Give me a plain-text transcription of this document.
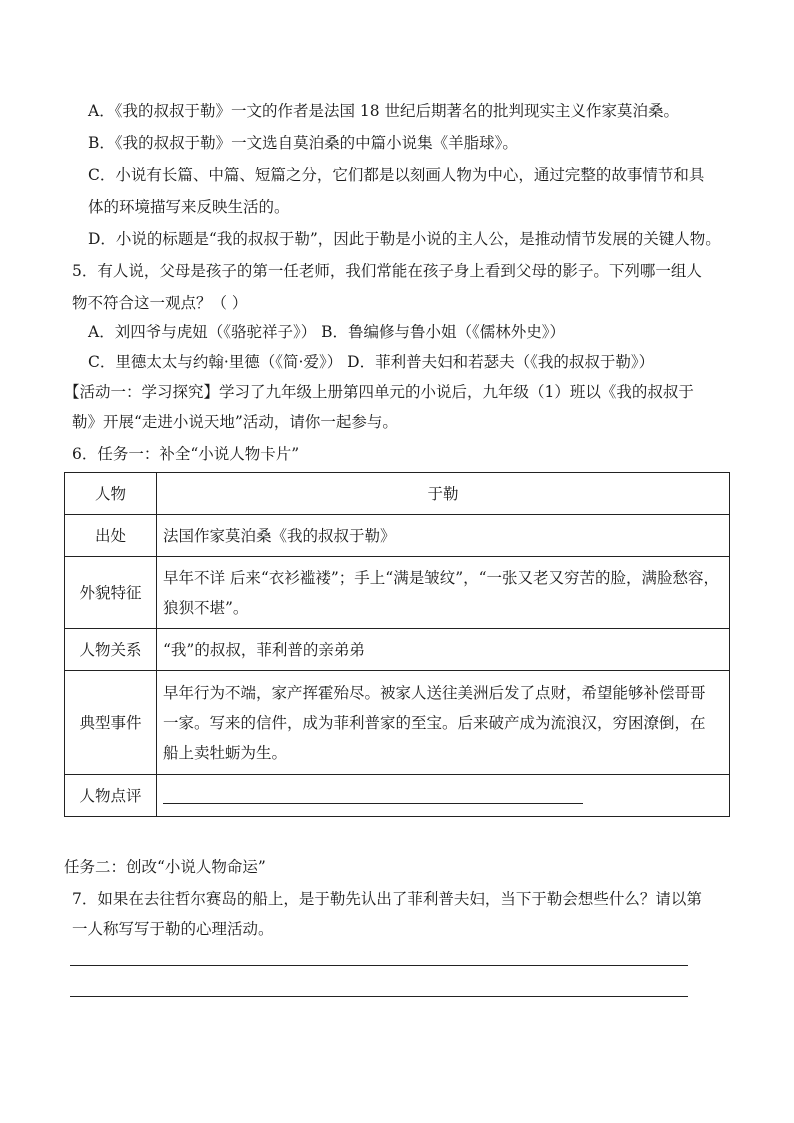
A．《我的叔叔于勒》一文的作者是法国 18 世纪后期著名的批判现实主义作家莫泊桑。
B．《我的叔叔于勒》一文选自莫泊桑的中篇小说集《羊脂球》。
C．小说有长篇、中篇、短篇之分，它们都是以刻画人物为中心，通过完整的故事情节和具
体的环境描写来反映生活的。
D．小说的标题是“我的叔叔于勒”，因此于勒是小说的主人公，是推动情节发展的关键人物。
5．有人说，父母是孩子的第一任老师，我们常能在孩子身上看到父母的影子。下列哪一组人
物不符合这一观点？（ ）
A．刘四爷与虎妞（《骆驼祥子》） B．鲁编修与鲁小姐（《儒林外史》）
C．里德太太与约翰·里德（《简·爱》） D．菲利普夫妇和若瑟夫（《我的叔叔于勒》）
【活动一：学习探究】学习了九年级上册第四单元的小说后，九年级（1）班以《我的叔叔于
勒》开展“走进小说天地”活动，请你一起参与。
6．任务一：补全“小说人物卡片”
人物	于勒
出处	法国作家莫泊桑《我的叔叔于勒》

外貌特征	早年不详 后来“衣衫褴褛”；手上“满是皱纹”，“一张又老又穷苦的脸，满脸愁容，

狼狈不堪”。

人物关系	“我”的叔叔，菲利普的亲弟弟

典型事件	早年行为不端，家产挥霍殆尽。被家人送往美洲后发了点财，希望能够补偿哥哥

一家。写来的信件，成为菲利普家的至宝。后来破产成为流浪汉，穷困潦倒，在

船上卖牡蛎为生。

人物点评	
任务二：创改“小说人物命运”
7．如果在去往哲尔赛岛的船上，是于勒先认出了菲利普夫妇，当下于勒会想些什么？请以第
一人称写写于勒的心理活动。
